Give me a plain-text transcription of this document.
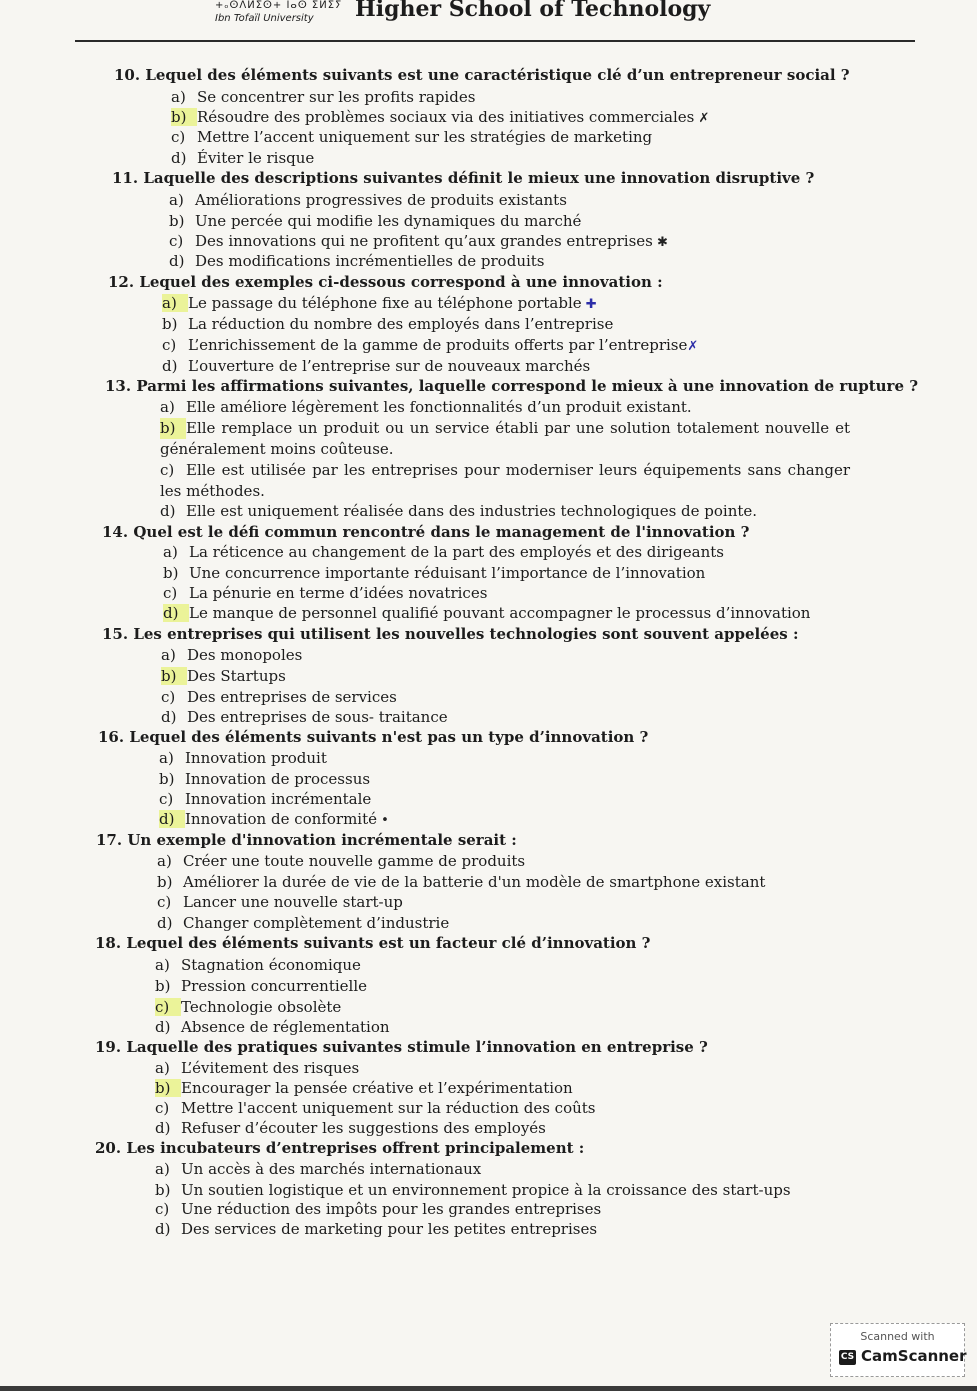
+ₒⵙⴷⵍⵉⵙ+ ⵏⴰⵙ ⵉⵍⵉⵢ
Ibn Tofaïl University Higher School of Technology
10. Lequel des éléments suivants est une caractéristique clé d’un entrepreneur social ?
a) Se concentrer sur les profits rapides
b) Résoudre des problèmes sociaux via des initiatives commerciales ✗
c) Mettre l’accent uniquement sur les stratégies de marketing
d) Éviter le risque
11. Laquelle des descriptions suivantes définit le mieux une innovation disruptive ?
a) Améliorations progressives de produits existants
b) Une percée qui modifie les dynamiques du marché
c) Des innovations qui ne profitent qu’aux grandes entreprises ✱
d) Des modifications incrémentielles de produits
12. Lequel des exemples ci-dessous correspond à une innovation :
a) Le passage du téléphone fixe au téléphone portable ✚
b) La réduction du nombre des employés dans l’entreprise
c) L’enrichissement de la gamme de produits offerts par l’entreprise✗
d) L’ouverture de l’entreprise sur de nouveaux marchés
13. Parmi les affirmations suivantes, laquelle correspond le mieux à une innovation de rupture ?
a) Elle améliore légèrement les fonctionnalités d’un produit existant.
b) Elle remplace un produit ou un service établi par une solution totalement nouvelle et généralement moins coûteuse.
c) Elle est utilisée par les entreprises pour moderniser leurs équipements sans changer les méthodes.
d) Elle est uniquement réalisée dans des industries technologiques de pointe.
14. Quel est le défi commun rencontré dans le management de l'innovation ?
a) La réticence au changement de la part des employés et des dirigeants
b) Une concurrence importante réduisant l’importance de l’innovation
c) La pénurie en terme d’idées novatrices
d) Le manque de personnel qualifié pouvant accompagner le processus d’innovation
15. Les entreprises qui utilisent les nouvelles technologies sont souvent appelées :
a) Des monopoles
b) Des Startups
c) Des entreprises de services
d) Des entreprises de sous- traitance
16. Lequel des éléments suivants n'est pas un type d’innovation ?
a) Innovation produit
b) Innovation de processus
c) Innovation incrémentale
d) Innovation de conformité •
17. Un exemple d'innovation incrémentale serait :
a) Créer une toute nouvelle gamme de produits
b) Améliorer la durée de vie de la batterie d'un modèle de smartphone existant
c) Lancer une nouvelle start-up
d) Changer complètement d’industrie
18. Lequel des éléments suivants est un facteur clé d’innovation ?
a) Stagnation économique
b) Pression concurrentielle
c) Technologie obsolète
d) Absence de réglementation
19. Laquelle des pratiques suivantes stimule l’innovation en entreprise ?
a) L’évitement des risques
b) Encourager la pensée créative et l’expérimentation
c) Mettre l'accent uniquement sur la réduction des coûts
d) Refuser d’écouter les suggestions des employés
20. Les incubateurs d’entreprises offrent principalement :
a) Un accès à des marchés internationaux
b) Un soutien logistique et un environnement propice à la croissance des start-ups
c) Une réduction des impôts pour les grandes entreprises
d) Des services de marketing pour les petites entreprises
Scanned with
CS CamScanner
